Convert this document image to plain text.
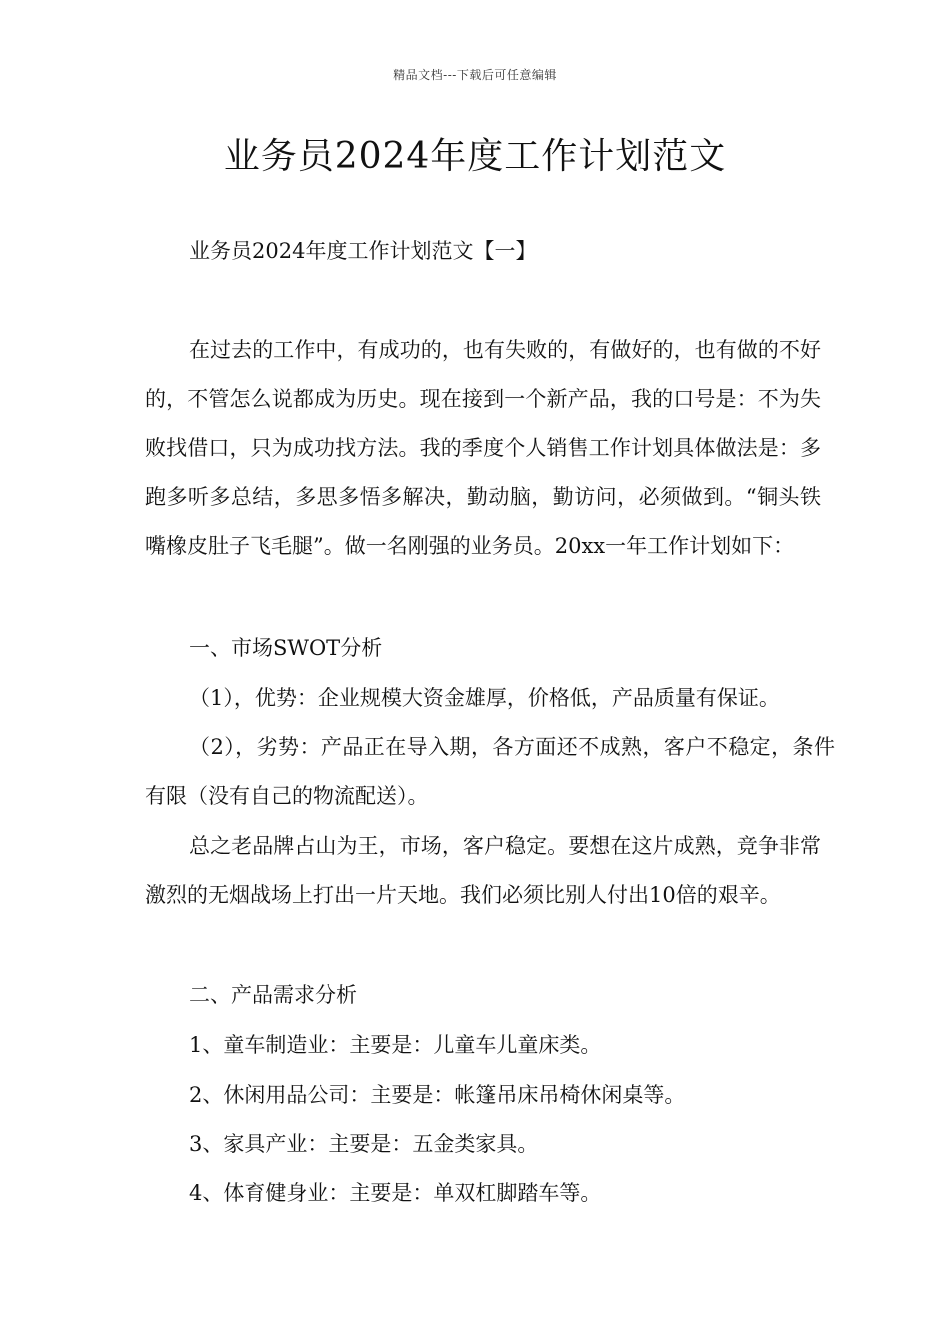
精品文档---下载后可任意编辑
业务员2024年度工作计划范文

业务员2024年度工作计划范文【一】

在过去的工作中，有成功的，也有失败的，有做好的，也有做的不好的，不管怎么说都成为历史。现在接到一个新产品，我的口号是：不为失败找借口，只为成功找方法。我的季度个人销售工作计划具体做法是：多跑多听多总结，多思多悟多解决，勤动脑，勤访问，必须做到。“铜头铁嘴橡皮肚子飞毛腿”。做一名刚强的业务员。20xx一年工作计划如下：

一、市场SWOT分析

（1），优势：企业规模大资金雄厚，价格低，产品质量有保证。

（2），劣势：产品正在导入期，各方面还不成熟，客户不稳定，条件有限（没有自己的物流配送）。

总之老品牌占山为王，市场，客户稳定。要想在这片成熟，竞争非常激烈的无烟战场上打出一片天地。我们必须比别人付出10倍的艰辛。

二、产品需求分析

1、童车制造业：主要是：儿童车儿童床类。

2、休闲用品公司：主要是：帐篷吊床吊椅休闲桌等。

3、家具产业：主要是：五金类家具。

4、体育健身业：主要是：单双杠脚踏车等。
